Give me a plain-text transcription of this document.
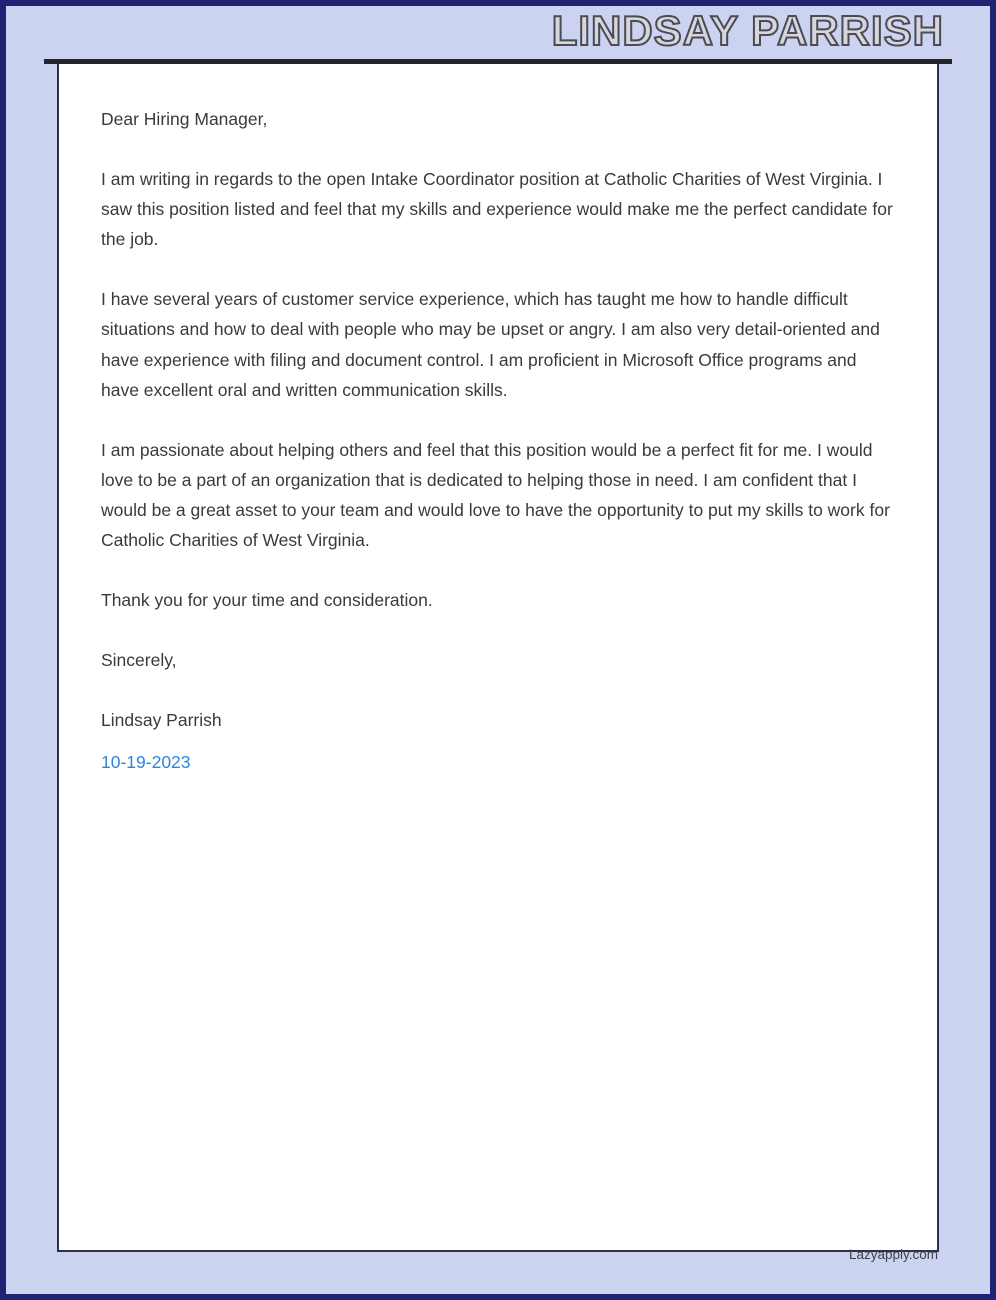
LINDSAY PARRISH

Dear Hiring Manager,

I am writing in regards to the open Intake Coordinator position at Catholic Charities of West Virginia. I saw this position listed and feel that my skills and experience would make me the perfect candidate for the job.

I have several years of customer service experience, which has taught me how to handle difficult situations and how to deal with people who may be upset or angry. I am also very detail-oriented and have experience with filing and document control. I am proficient in Microsoft Office programs and have excellent oral and written communication skills.

I am passionate about helping others and feel that this position would be a perfect fit for me. I would love to be a part of an organization that is dedicated to helping those in need. I am confident that I would be a great asset to your team and would love to have the opportunity to put my skills to work for Catholic Charities of West Virginia.

Thank you for your time and consideration.

Sincerely,

Lindsay Parrish

10-19-2023

Lazyapply.com
